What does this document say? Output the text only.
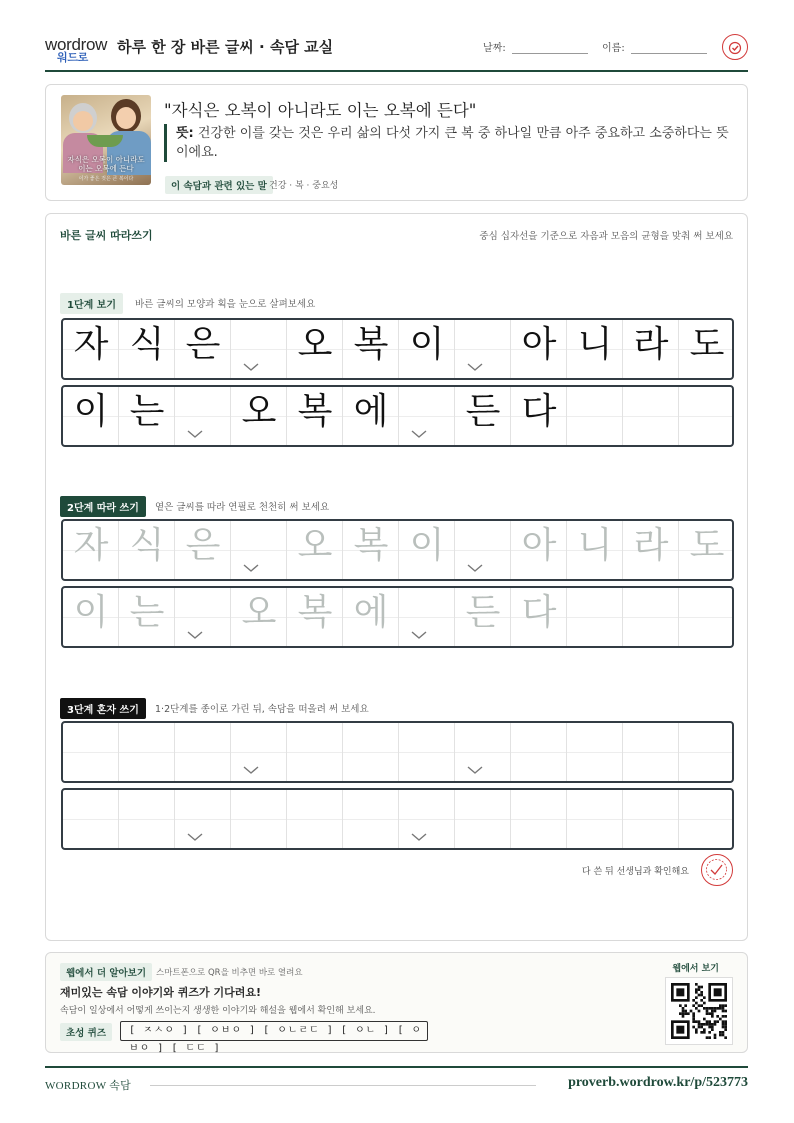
wordrow
워드로
하루 한 장 바른 글씨 · 속담 교실	날짜:	이름:
자식은 오복이 아니라도 이는 오복에 든다
이가 좋은 것은 큰 복이다
"자식은 오복이 아니라도 이는 오복에 든다"
뜻: 건강한 이를 갖는 것은 우리 삶의 다섯 가지 큰 복 중 하나일 만큼 아주 중요하고 소중하다는 뜻이에요.
이 속담과 관련 있는 말 건강 · 복 · 중요성
바른 글씨 따라쓰기	중심 십자선을 기준으로 자음과 모음의 균형을 맞춰 써 보세요
1단계 보기	바른 글씨의 모양과 획을 눈으로 살펴보세요
자 식 은 오 복 이 아 니 라 도
이 는 오 복 에 든 다
2단계 따라 쓰기	옅은 글씨를 따라 연필로 천천히 써 보세요
자 식 은 오 복 이 아 니 라 도
이 는 오 복 에 든 다
3단계 혼자 쓰기	1·2단계를 종이로 가린 뒤, 속담을 떠올려 써 보세요
다 쓴 뒤 선생님과 확인해요
웹에서 더 알아보기	스마트폰으로 QR을 비추면 바로 열려요
재미있는 속담 이야기와 퀴즈가 기다려요!
속담이 일상에서 어떻게 쓰이는지 생생한 이야기와 해설을 웹에서 확인해 보세요.
초성 퀴즈	[ ㅈㅅㅇ ] [ ㅇㅂㅇ ] [ ㅇㄴㄹㄷ ] [ ㅇㄴ ] [ ㅇㅂㅇ ] [ ㄷㄷ ]
웹에서 보기
WORDROW 속담	proverb.wordrow.kr/p/523773
